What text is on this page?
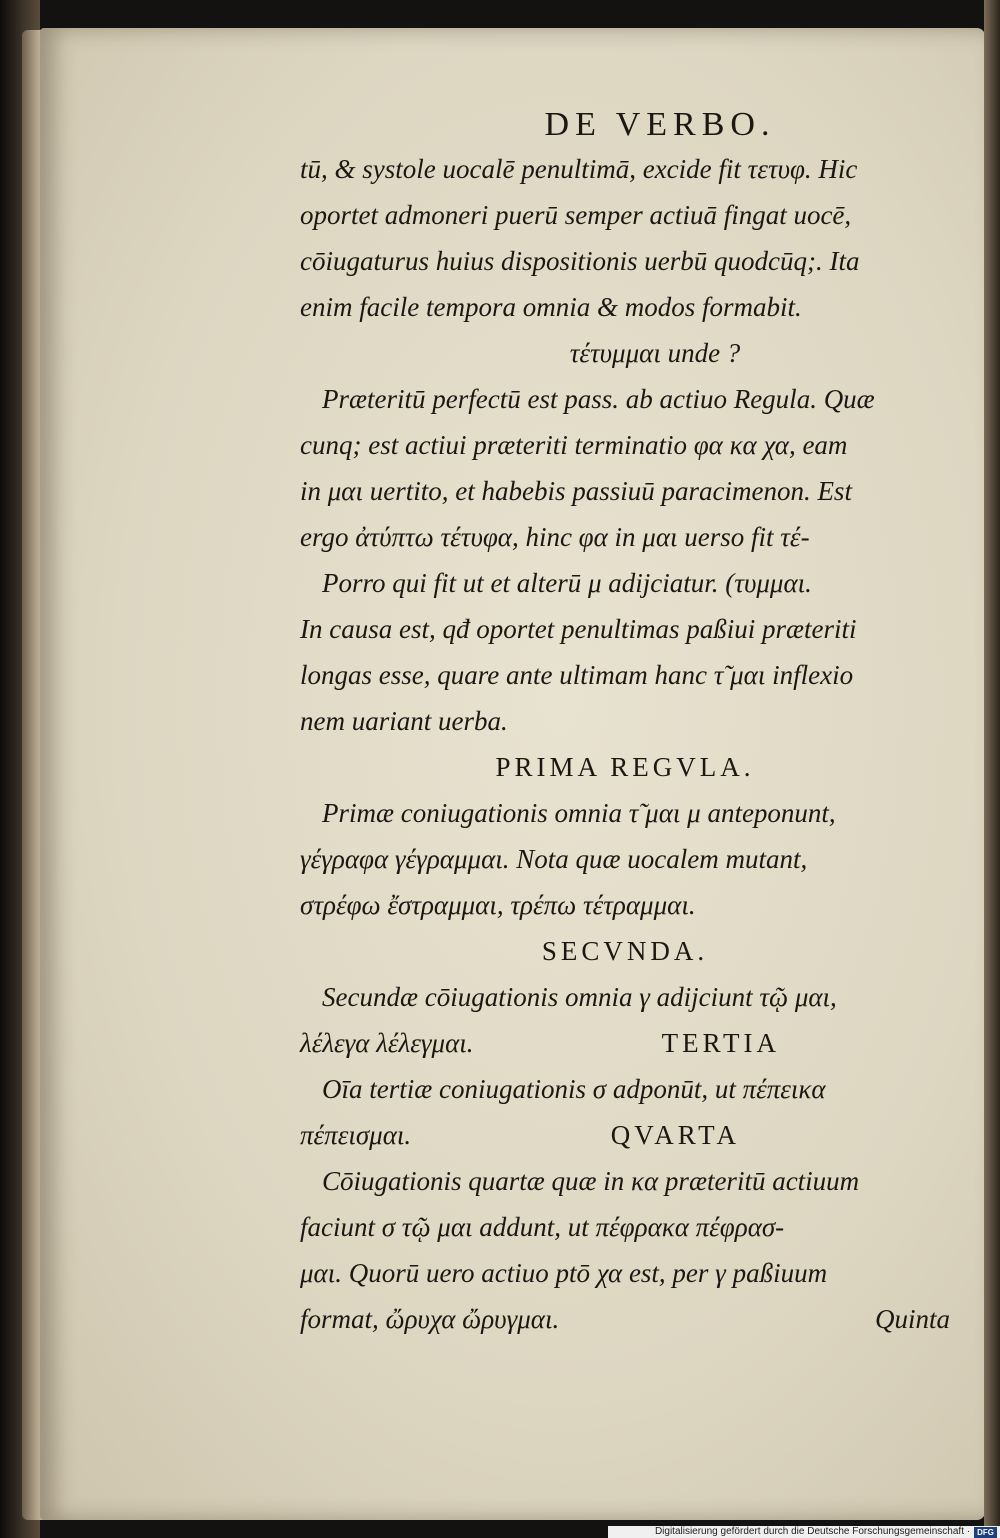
DE VERBO.

tū, & systole uocalē penultimā, excide fit τετυφ. Hic

oportet admoneri puerū semper actiuā fingat uocē,

cōiugaturus huius dispositionis uerbū quodcūq;. Ita

enim facile tempora omnia & modos formabit.

τέτυμμαι unde ?

Præteritū perfectū est pass. ab actiuo Regula. Quæ

cunq; est actiui præteriti terminatio φα κα χα, eam

in μαι uertito, et habebis passiuū paracimenon. Est

ergo ἀτύπτω τέτυφα, hinc φα in μαι uerso fit τέ-

Porro qui fit ut et alterū μ adijciatur. (τυμμαι.

In causa est, qđ oportet penultimas paßiui præteriti

longas esse, quare ante ultimam hanc τ̃ μαι inflexio

nem uariant uerba.

PRIMA REGVLA.

Primæ coniugationis omnia τ̃ μαι μ anteponunt,

γέγραφα γέγραμμαι. Nota quæ uocalem mutant,

στρέφω ἔστραμμαι, τρέπω τέτραμμαι.

SECVNDA.

Secundæ cōiugationis omnia γ adijciunt τῷ μαι,

λέλεγα λέλεγμαι.	TERTIA

Oīa tertiæ coniugationis σ adponūt, ut πέπεικα

πέπεισμαι.	QVARTA

Cōiugationis quartæ quæ in κα præteritū actiuum

faciunt σ τῷ μαι addunt, ut πέφρακα πέφρασ-

μαι. Quorū uero actiuo ptō χα est, per γ paßiuum

format, ὤρυχα ὤρυγμαι.	Quinta

Digitalisierung gefördert durch die Deutsche Forschungsgemeinschaft · DFG
